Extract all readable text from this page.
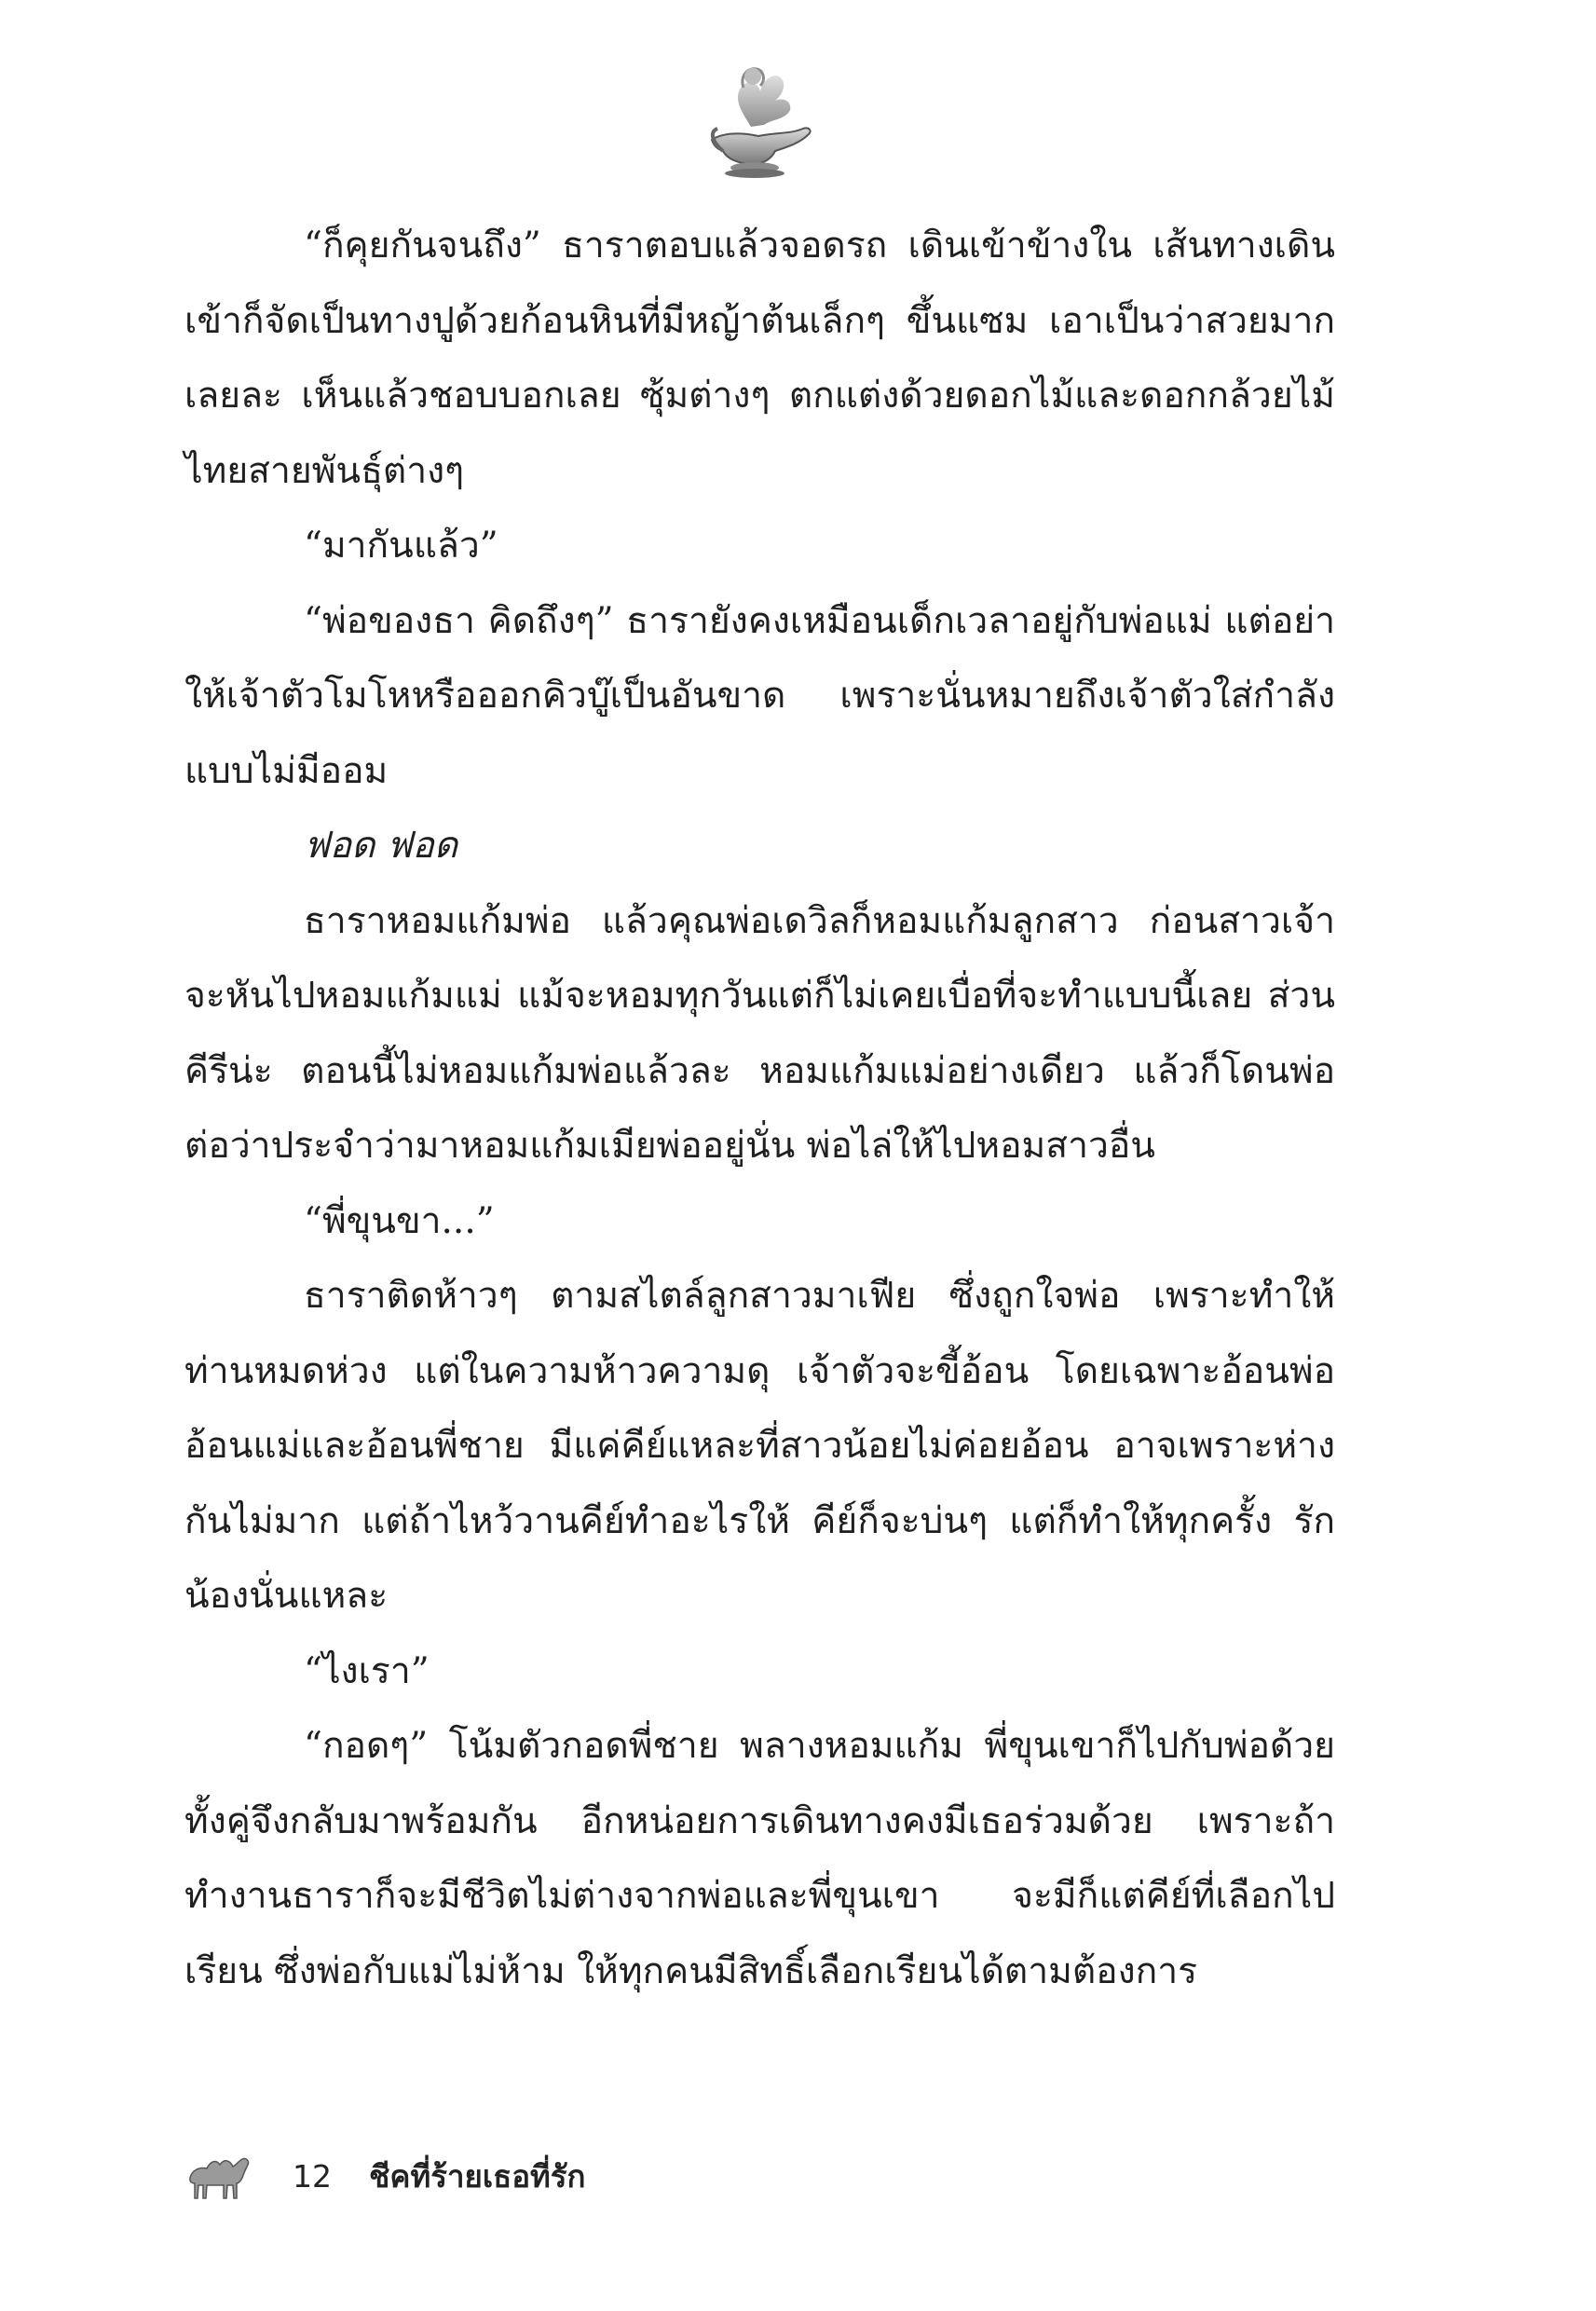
“ก็คุยกันจนถึง” ธาราตอบแล้วจอดรถ เดินเข้าข้างใน เส้นทางเดินเข้าก็จัดเป็นทางปูด้วยก้อนหินที่มีหญ้าต้นเล็กๆ ขึ้นแซม เอาเป็นว่าสวยมากเลยละ เห็นแล้วชอบบอกเลย ซุ้มต่างๆ ตกแต่งด้วยดอกไม้และดอกกล้วยไม้ไทยสายพันธุ์ต่างๆ

“มากันแล้ว”

“พ่อของธา คิดถึงๆ” ธารายังคงเหมือนเด็กเวลาอยู่กับพ่อแม่ แต่อย่าให้เจ้าตัวโมโหหรือออกคิวบู๊เป็นอันขาด เพราะนั่นหมายถึงเจ้าตัวใส่กำลังแบบไม่มีออม

ฟอด ฟอด

ธาราหอมแก้มพ่อ แล้วคุณพ่อเดวิลก็หอมแก้มลูกสาว ก่อนสาวเจ้าจะหันไปหอมแก้มแม่ แม้จะหอมทุกวันแต่ก็ไม่เคยเบื่อที่จะทำแบบนี้เลย ส่วนคีรีน่ะ ตอนนี้ไม่หอมแก้มพ่อแล้วละ หอมแก้มแม่อย่างเดียว แล้วก็โดนพ่อต่อว่าประจำว่ามาหอมแก้มเมียพ่ออยู่นั่น พ่อไล่ให้ไปหอมสาวอื่น

“พี่ขุนขา...”

ธาราติดห้าวๆ ตามสไตล์ลูกสาวมาเฟีย ซึ่งถูกใจพ่อ เพราะทำให้ท่านหมดห่วง แต่ในความห้าวความดุ เจ้าตัวจะขี้อ้อน โดยเฉพาะอ้อนพ่ออ้อนแม่และอ้อนพี่ชาย มีแค่คีย์แหละที่สาวน้อยไม่ค่อยอ้อน อาจเพราะห่างกันไม่มาก แต่ถ้าไหว้วานคีย์ทำอะไรให้ คีย์ก็จะบ่นๆ แต่ก็ทำให้ทุกครั้ง รักน้องนั่นแหละ

“ไงเรา”

“กอดๆ” โน้มตัวกอดพี่ชาย พลางหอมแก้ม พี่ขุนเขาก็ไปกับพ่อด้วย ทั้งคู่จึงกลับมาพร้อมกัน อีกหน่อยการเดินทางคงมีเธอร่วมด้วย เพราะถ้าทำงานธาราก็จะมีชีวิตไม่ต่างจากพ่อและพี่ขุนเขา จะมีก็แต่คีย์ที่เลือกไปเรียน ซึ่งพ่อกับแม่ไม่ห้าม ให้ทุกคนมีสิทธิ์เลือกเรียนได้ตามต้องการ

12 ชีคที่ร้ายเธอที่รัก
